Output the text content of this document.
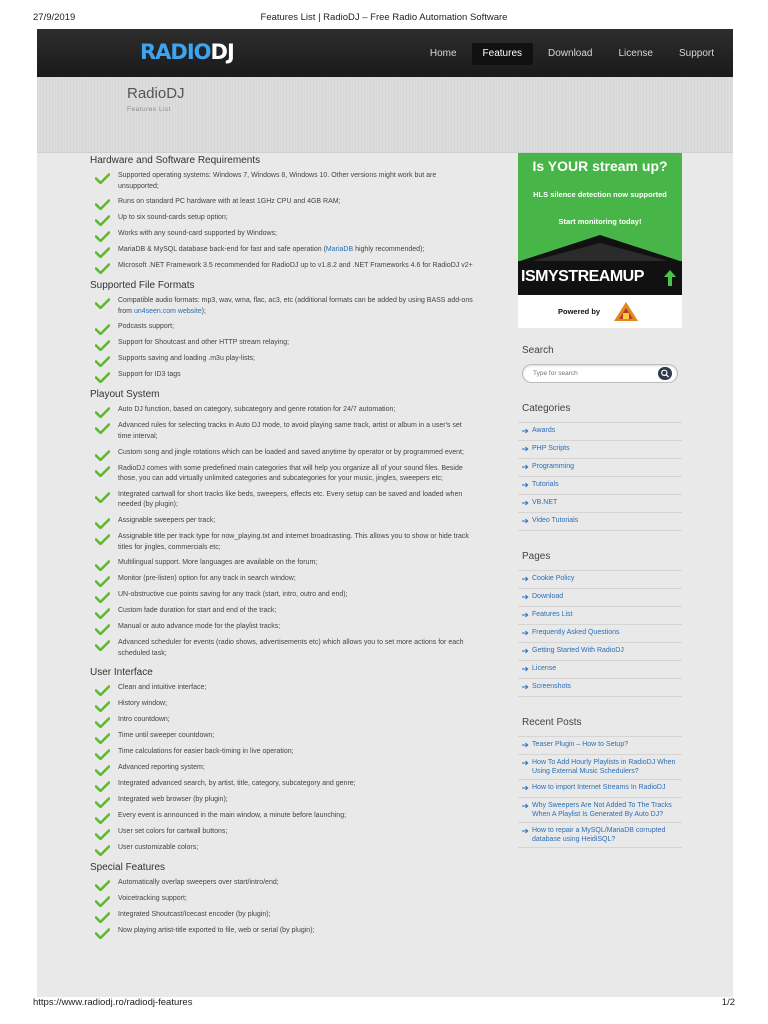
27/9/2019	Features List | RadioDJ – Free Radio Automation Software
RADIODJ	Home	Features	Download	License	Support
RadioDJ
Features List
Hardware and Software Requirements
Supported operating systems: Windows 7, Windows 8, Windows 10. Other versions might work but are unsupported;
Runs on standard PC hardware with at least 1GHz CPU and 4GB RAM;
Up to six sound-cards setup option;
Works with any sound-card supported by Windows;
MariaDB & MySQL database back-end for fast and safe operation (MariaDB highly recommended);
Microsoft .NET Framework 3.5 recommended for RadioDJ up to v1.8.2 and .NET Frameworks 4.6 for RadioDJ v2+
Supported File Formats
Compatible audio formats: mp3, wav, wma, flac, ac3, etc (additional formats can be added by using BASS add-ons from un4seen.com website);
Podcasts support;
Support for Shoutcast and other HTTP stream relaying;
Supports saving and loading .m3u play-lists;
Support for ID3 tags
Playout System
Auto DJ function, based on category, subcategory and genre rotation for 24/7 automation;
Advanced rules for selecting tracks in Auto DJ mode, to avoid playing same track, artist or album in a user's set time interval;
Custom song and jingle rotations which can be loaded and saved anytime by operator or by programmed event;
RadioDJ comes with some predefined main categories that will help you organize all of your sound files. Beside those, you can add virtually unlimited categories and subcategories for your music, jingles, sweepers etc;
Integrated cartwall for short tracks like beds, sweepers, effects etc. Every setup can be saved and loaded when needed (by plugin);
Assignable sweepers per track;
Assignable title per track type for now_playing.txt and internet broadcasting. This allows you to show or hide track titles for jingles, commercials etc;
Multilingual support. More languages are available on the forum;
Monitor (pre-listen) option for any track in search window;
UN-obstructive cue points saving for any track (start, intro, outro and end);
Custom fade duration for start and end of the track;
Manual or auto advance mode for the playlist tracks;
Advanced scheduler for events (radio shows, advertisements etc) which allows you to set more actions for each scheduled task;
User Interface
Clean and intuitive interface;
History window;
Intro countdown;
Time until sweeper countdown;
Time calculations for easier back-timing in live operation;
Advanced reporting system;
Integrated advanced search, by artist, title, category, subcategory and genre;
Integrated web browser (by plugin);
Every event is announced in the main window, a minute before launching;
User set colors for cartwall buttons;
User customizable colors;
Special Features
Automatically overlap sweepers over start/intro/end;
Voicetracking support;
Integrated Shoutcast/Icecast encoder (by plugin);
Now playing artist-title exported to file, web or serial (by plugin);
Is YOUR stream up?
HLS silence detection now supported
Start monitoring today!
ISMYSTREAMUP
Powered by
Search
Type for search
Categories
Awards
PHP Scripts
Programming
Tutorials
VB.NET
Video Tutorials
Pages
Cookie Policy
Download
Features List
Frequently Asked Questions
Getting Started With RadioDJ
License
Screenshots
Recent Posts
Teaser Plugin – How to Setup?
How To Add Hourly Playlists in RadioDJ When Using External Music Schedulers?
How to import Internet Streams In RadioDJ
Why Sweepers Are Not Added To The Tracks When A Playlist Is Generated By Auto DJ?
How to repair a MySQL/MariaDB corrupted database using HeidiSQL?
https://www.radiodj.ro/radiodj-features	1/2
